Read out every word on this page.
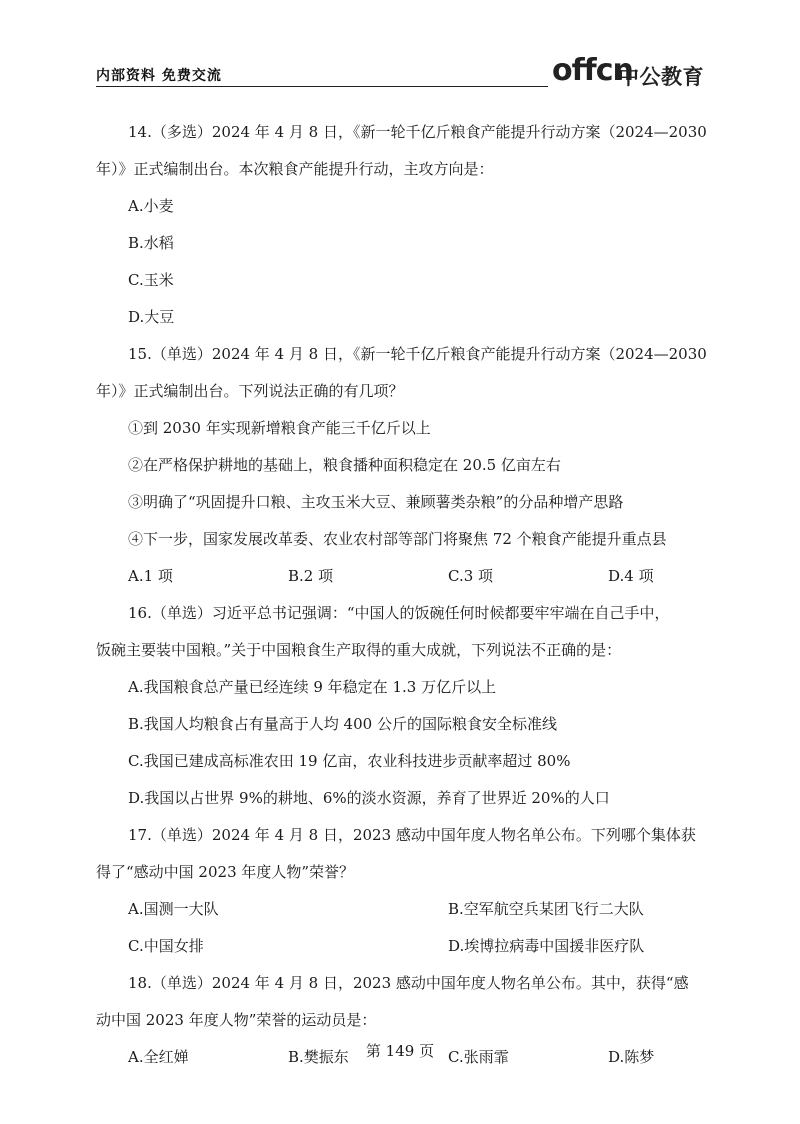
内部资料 免费交流	offcn
中公教育
14.（多选）2024 年 4 月 8 日，《新一轮千亿斤粮食产能提升行动方案（2024—2030
年）》正式编制出台。本次粮食产能提升行动，主攻方向是：
A.小麦
B.水稻
C.玉米
D.大豆
15.（单选）2024 年 4 月 8 日，《新一轮千亿斤粮食产能提升行动方案（2024—2030
年）》正式编制出台。下列说法正确的有几项？
①到 2030 年实现新增粮食产能三千亿斤以上
②在严格保护耕地的基础上，粮食播种面积稳定在 20.5 亿亩左右
③明确了“巩固提升口粮、主攻玉米大豆、兼顾薯类杂粮”的分品种增产思路
④下一步，国家发展改革委、农业农村部等部门将聚焦 72 个粮食产能提升重点县
A.1 项	B.2 项	C.3 项	D.4 项
16.（单选）习近平总书记强调：“中国人的饭碗任何时候都要牢牢端在自己手中，
饭碗主要装中国粮。”关于中国粮食生产取得的重大成就，下列说法不正确的是：
A.我国粮食总产量已经连续 9 年稳定在 1.3 万亿斤以上
B.我国人均粮食占有量高于人均 400 公斤的国际粮食安全标准线
C.我国已建成高标准农田 19 亿亩，农业科技进步贡献率超过 80%
D.我国以占世界 9%的耕地、6%的淡水资源，养育了世界近 20%的人口
17.（单选）2024 年 4 月 8 日，2023 感动中国年度人物名单公布。下列哪个集体获
得了“感动中国 2023 年度人物”荣誉？
A.国测一大队	B.空军航空兵某团飞行二大队
C.中国女排	D.埃博拉病毒中国援非医疗队
18.（单选）2024 年 4 月 8 日，2023 感动中国年度人物名单公布。其中，获得“感
动中国 2023 年度人物”荣誉的运动员是：
A.全红婵	B.樊振东	C.张雨霏	D.陈梦
第 149 页
